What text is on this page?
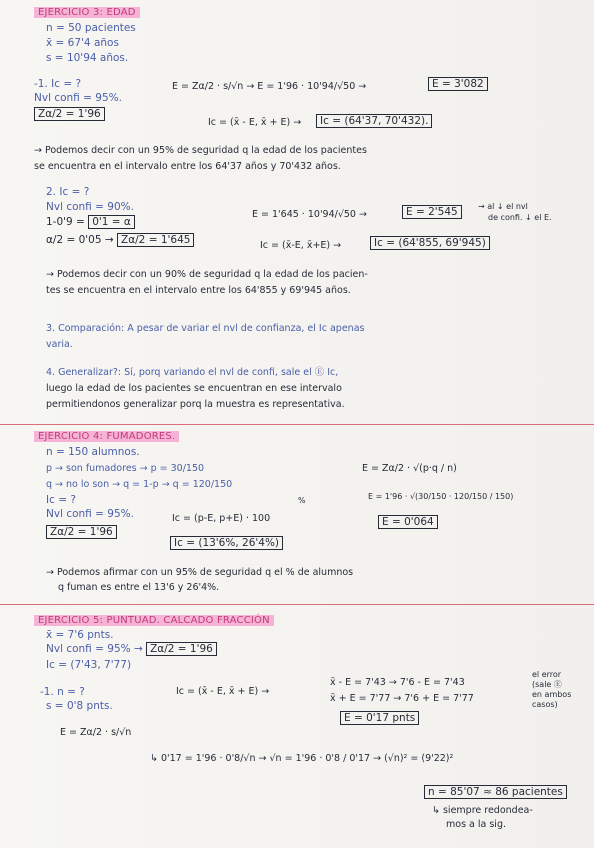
EJERCICIO 3: EDAD
n = 50 pacientes
x̄ = 67'4 años
s = 10'94 años.
-1. Ic = ?
Nvl confi = 95%.
Zα/2 = 1'96
E = Zα/2 · s/√n → E = 1'96 · 10'94/√50 →	E = 3'082
Ic = (x̄ - E, x̄ + E) →	Ic = (64'37, 70'432).
→ Podemos decir con un 95% de seguridad q la edad de los pacientes
se encuentra en el intervalo entre los 64'37 años y 70'432 años.
2. Ic = ?
Nvl confi = 90%.
1-0'9 = 0'1 = α
α/2 = 0'05 → Zα/2 = 1'645
E = 1'645 · 10'94/√50 →	E = 2'545	→ al ↓ el nvl
de confi. ↓ el E.
Ic = (x̄-E, x̄+E) →	Ic = (64'855, 69'945)
→ Podemos decir con un 90% de seguridad q la edad de los pacien-
tes se encuentra en el intervalo entre los 64'855 y 69'945 años.
3. Comparación: A pesar de variar el nvl de confianza, el Ic apenas
varia.
4. Generalizar?: Sí, porq variando el nvl de confi, sale el Ⓔ Ic,
luego la edad de los pacientes se encuentran en ese intervalo
permitiendonos generalizar porq la muestra es representativa.
EJERCICIO 4: FUMADORES.
n = 150 alumnos.
p → son fumadores → p = 30/150
q → no lo son → q = 1-p → q = 120/150
Ic = ?
Nvl confi = 95%.
Zα/2 = 1'96
%
Ic = (p-E, p+E) · 100
Ic = (13'6%, 26'4%)
E = Zα/2 · √(p·q / n)
E = 1'96 · √(30/150 · 120/150 / 150)
E = 0'064
→ Podemos afirmar con un 95% de seguridad q el % de alumnos
q fuman es entre el 13'6 y 26'4%.
EJERCICIO 5: PUNTUAD. CALCADO FRACCIÓN
x̄ = 7'6 pnts.
Nvl confi = 95% → Zα/2 = 1'96
Ic = (7'43, 7'77)
-1. n = ?
s = 0'8 pnts.
Ic = (x̄ - E, x̄ + E) →
x̄ - E = 7'43 → 7'6 - E = 7'43
x̄ + E = 7'77 → 7'6 + E = 7'77
el error
(sale Ⓔ
en ambos
casos)
E = 0'17 pnts
E = Zα/2 · s/√n
↳ 0'17 = 1'96 · 0'8/√n → √n = 1'96 · 0'8 / 0'17 → (√n)² = (9'22)²
n = 85'07 ≈ 86 pacientes
↳ siempre redondea-
mos a la sig.
